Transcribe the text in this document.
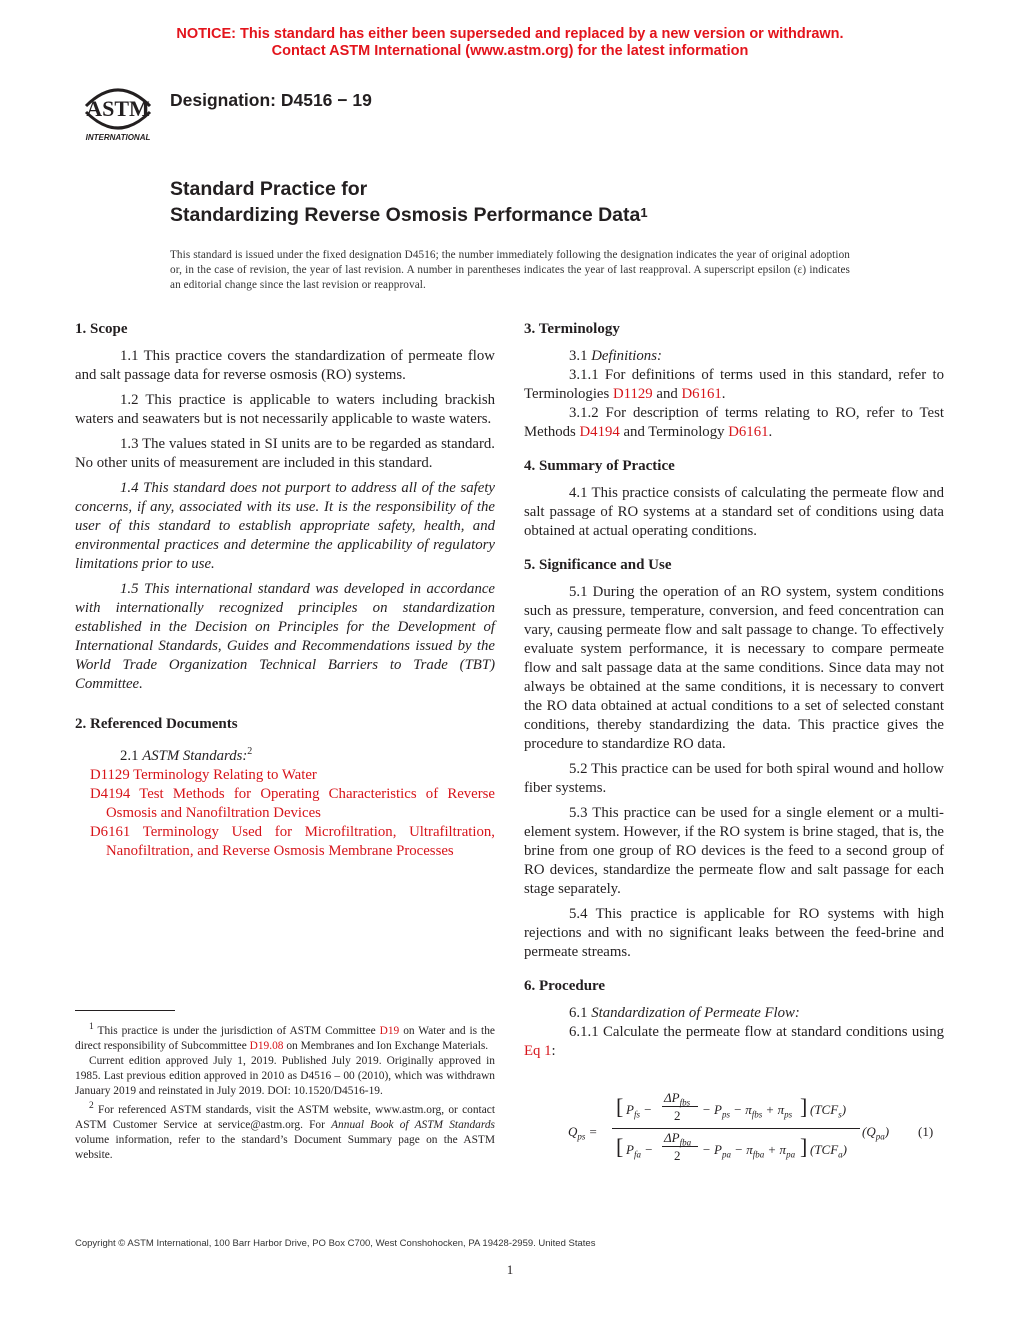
NOTICE: This standard has either been superseded and replaced by a new version or withdrawn.
Contact ASTM International (www.astm.org) for the latest information
ASTM
INTERNATIONAL
Designation: D4516 − 19
Standard Practice for
Standardizing Reverse Osmosis Performance Data$^1$
This standard is issued under the fixed designation D4516; the number immediately following the designation indicates the year of original adoption or, in the case of revision, the year of last revision. A number in parentheses indicates the year of last reapproval. A superscript epsilon (ε) indicates an editorial change since the last revision or reapproval.
1. Scope

1.1 This practice covers the standardization of permeate flow and salt passage data for reverse osmosis (RO) systems.

1.2 This practice is applicable to waters including brackish waters and seawaters but is not necessarily applicable to waste waters.

1.3 The values stated in SI units are to be regarded as standard. No other units of measurement are included in this standard.

1.4 This standard does not purport to address all of the safety concerns, if any, associated with its use. It is the responsibility of the user of this standard to establish appropriate safety, health, and environmental practices and determine the applicability of regulatory limitations prior to use.

1.5 This international standard was developed in accordance with internationally recognized principles on standardization established in the Decision on Principles for the Development of International Standards, Guides and Recommendations issued by the World Trade Organization Technical Barriers to Trade (TBT) Committee.

2. Referenced Documents

2.1 ASTM Standards:$^2$

D1129 Terminology Relating to Water

D4194 Test Methods for Operating Characteristics of Reverse Osmosis and Nanofiltration Devices

D6161 Terminology Used for Microfiltration, Ultrafiltration, Nanofiltration, and Reverse Osmosis Membrane Processes

$^1$ This practice is under the jurisdiction of ASTM Committee D19 on Water and is the direct responsibility of Subcommittee D19.08 on Membranes and Ion Exchange Materials.

Current edition approved July 1, 2019. Published July 2019. Originally approved in 1985. Last previous edition approved in 2010 as D4516 – 00 (2010), which was withdrawn January 2019 and reinstated in July 2019. DOI: 10.1520/D4516-19.

$^2$ For referenced ASTM standards, visit the ASTM website, www.astm.org, or contact ASTM Customer Service at service@astm.org. For Annual Book of ASTM Standards volume information, refer to the standard’s Document Summary page on the ASTM website.

3. Terminology

3.1 Definitions:

3.1.1 For definitions of terms used in this standard, refer to Terminologies D1129 and D6161.

3.1.2 For description of terms relating to RO, refer to Test Methods D4194 and Terminology D6161.

4. Summary of Practice

4.1 This practice consists of calculating the permeate flow and salt passage of RO systems at a standard set of conditions using data obtained at actual operating conditions.

5. Significance and Use

5.1 During the operation of an RO system, system conditions such as pressure, temperature, conversion, and feed concentration can vary, causing permeate flow and salt passage to change. To effectively evaluate system performance, it is necessary to compare permeate flow and salt passage data at the same conditions. Since data may not always be obtained at the same conditions, it is necessary to convert the RO data obtained at actual conditions to a set of selected constant conditions, thereby standardizing the data. This practice gives the procedure to standardize RO data.

5.2 This practice can be used for both spiral wound and hollow fiber systems.

5.3 This practice can be used for a single element or a multi-element system. However, if the RO system is brine staged, that is, the brine from one group of RO devices is the feed to a second group of RO devices, standardize the permeate flow and salt passage for each stage separately.

5.4 This practice is applicable for RO systems with high rejections and with no significant leaks between the feed-brine and permeate streams.

6. Procedure

6.1 Standardization of Permeate Flow:

6.1.1 Calculate the permeate flow at standard conditions using Eq 1:

$Q_{ps}$ =
[ $P_{fs}$ −
$\Delta P_{fbs}$
$2 - P_{ps} - \pi_{fbs} + \pi_{ps}$ ] $(TCF_s)$
[ $P_{fa}$ −
$\Delta P_{fba}$
$2 - P_{pa} - \pi_{fba} + \pi_{pa}$ ] $(TCF_a)$
$(Q_{pa})$ (1)
Copyright © ASTM International, 100 Barr Harbor Drive, PO Box C700, West Conshohocken, PA 19428-2959. United States
1
